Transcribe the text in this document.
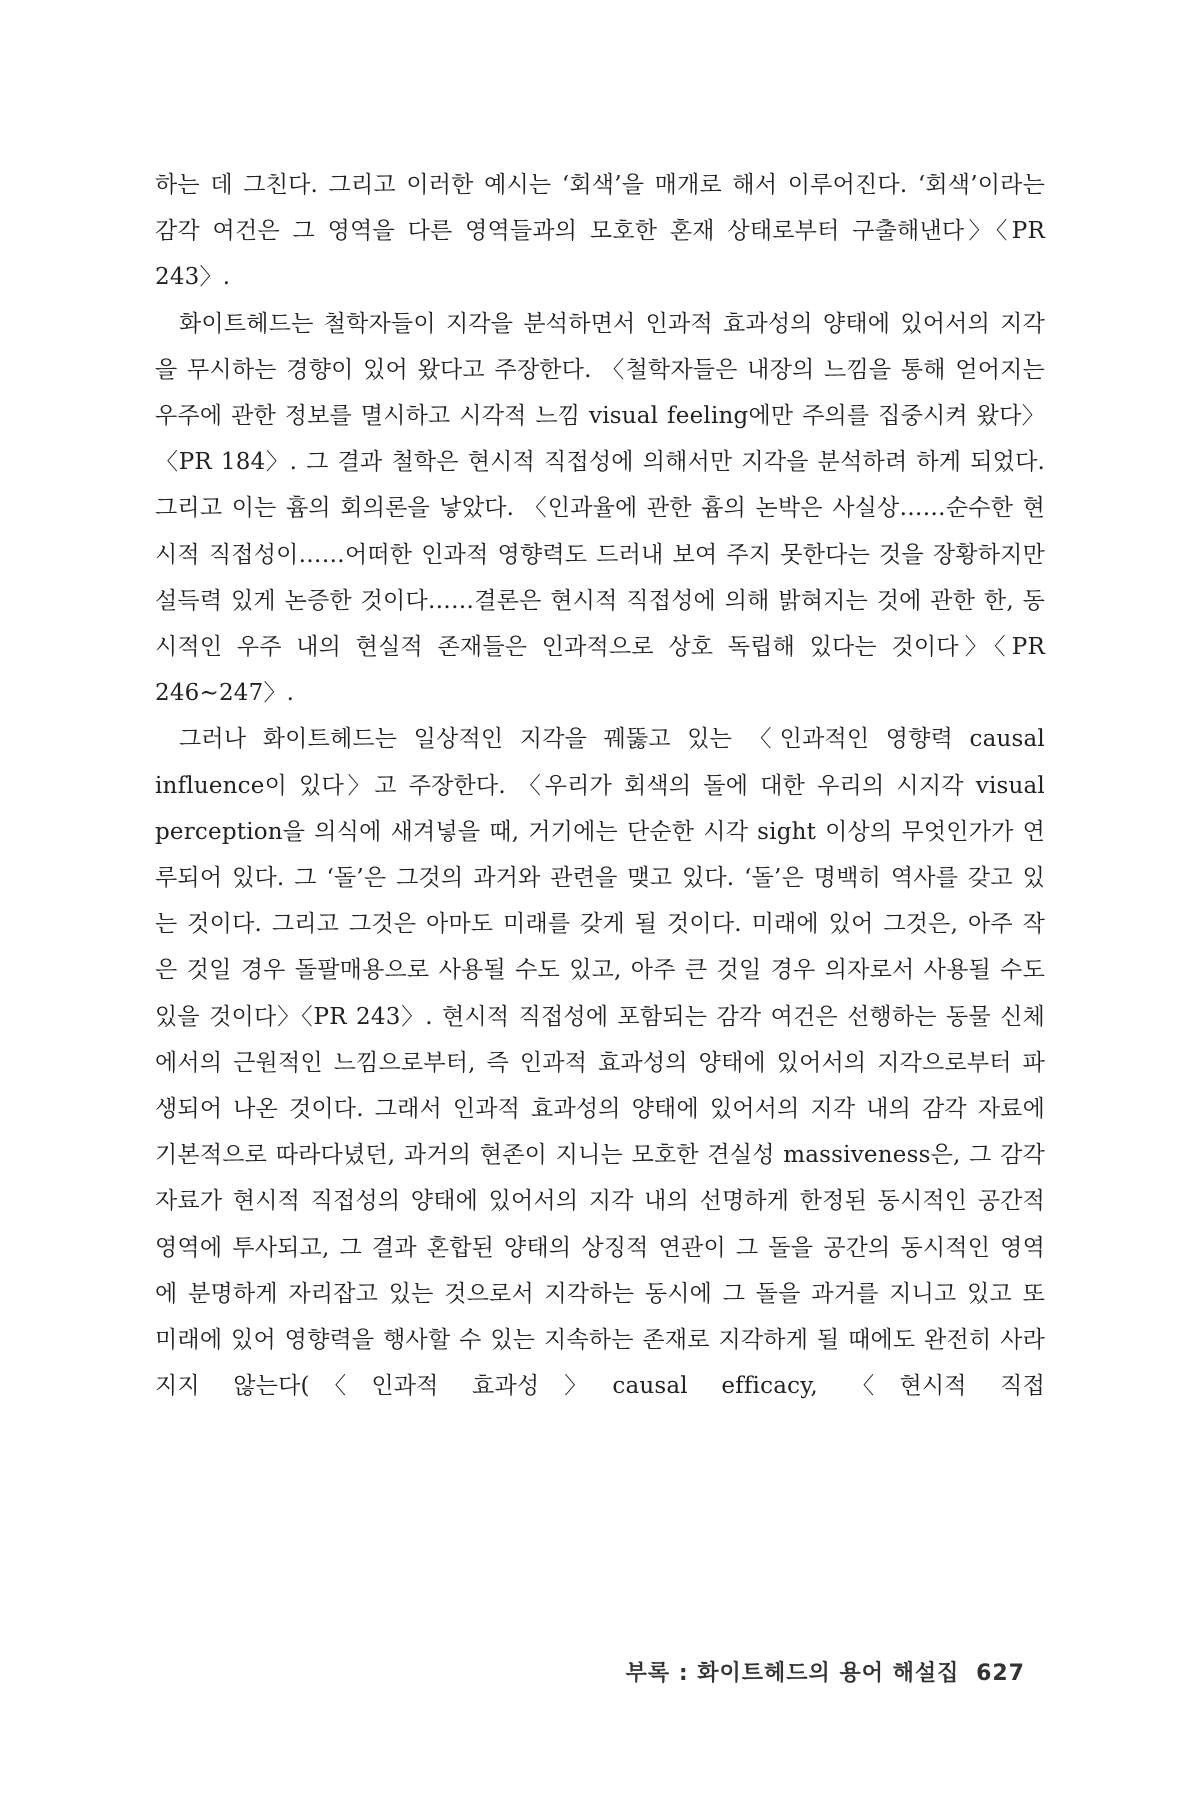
하는 데 그친다. 그리고 이러한 예시는 ‘회색’을 매개로 해서 이루어진다. ‘회색’이라는 감각 여건은 그 영역을 다른 영역들과의 모호한 혼재 상태로부터 구출해낸다〉〈PR 243〉.

화이트헤드는 철학자들이 지각을 분석하면서 인과적 효과성의 양태에 있어서의 지각을 무시하는 경향이 있어 왔다고 주장한다. 〈철학자들은 내장의 느낌을 통해 얻어지는 우주에 관한 정보를 멸시하고 시각적 느낌 visual feeling에만 주의를 집중시켜 왔다〉〈PR 184〉. 그 결과 철학은 현시적 직접성에 의해서만 지각을 분석하려 하게 되었다. 그리고 이는 흄의 회의론을 낳았다. 〈인과율에 관한 흄의 논박은 사실상……순수한 현시적 직접성이……어떠한 인과적 영향력도 드러내 보여 주지 못한다는 것을 장황하지만 설득력 있게 논증한 것이다……결론은 현시적 직접성에 의해 밝혀지는 것에 관한 한, 동시적인 우주 내의 현실적 존재들은 인과적으로 상호 독립해 있다는 것이다〉〈PR 246∼247〉.

그러나 화이트헤드는 일상적인 지각을 꿰뚫고 있는 〈인과적인 영향력 causal influence이 있다〉고 주장한다. 〈우리가 회색의 돌에 대한 우리의 시지각 visual perception을 의식에 새겨넣을 때, 거기에는 단순한 시각 sight 이상의 무엇인가가 연루되어 있다. 그 ‘돌’은 그것의 과거와 관련을 맺고 있다. ‘돌’은 명백히 역사를 갖고 있는 것이다. 그리고 그것은 아마도 미래를 갖게 될 것이다. 미래에 있어 그것은, 아주 작은 것일 경우 돌팔매용으로 사용될 수도 있고, 아주 큰 것일 경우 의자로서 사용될 수도 있을 것이다〉〈PR 243〉. 현시적 직접성에 포함되는 감각 여건은 선행하는 동물 신체에서의 근원적인 느낌으로부터, 즉 인과적 효과성의 양태에 있어서의 지각으로부터 파생되어 나온 것이다. 그래서 인과적 효과성의 양태에 있어서의 지각 내의 감각 자료에 기본적으로 따라다녔던, 과거의 현존이 지니는 모호한 견실성 massiveness은, 그 감각 자료가 현시적 직접성의 양태에 있어서의 지각 내의 선명하게 한정된 동시적인 공간적 영역에 투사되고, 그 결과 혼합된 양태의 상징적 연관이 그 돌을 공간의 동시적인 영역에 분명하게 자리잡고 있는 것으로서 지각하는 동시에 그 돌을 과거를 지니고 있고 또 미래에 있어 영향력을 행사할 수 있는 지속하는 존재로 지각하게 될 때에도 완전히 사라지지 않는다(〈인과적 효과성〉causal efficacy, 〈현시적 직접

부록 : 화이트헤드의 용어 해설집 627
